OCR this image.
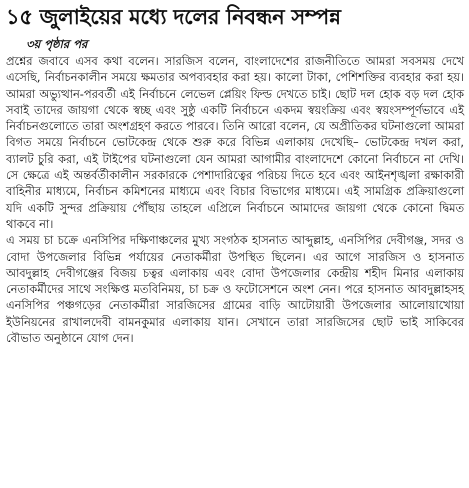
১৫ জুলাইয়ের মধ্যে দলের নিবন্ধন সম্পন্ন
৩য় পৃষ্ঠার পর

প্রশ্নের জবাবে এসব কথা বলেন। সারজিস বলেন, বাংলাদেশের রাজনীতিতে আমরা সবসময় দেখে এসেছি, নির্বাচনকালীন সময়ে ক্ষমতার অপব্যবহার করা হয়। কালো টাকা, পেশিশক্তির ব্যবহার করা হয়। আমরা অভ্যুত্থান-পরবর্তী এই নির্বাচনে লেভেল প্লেয়িং ফিল্ড দেখতে চাই। ছোট দল হোক বড় দল হোক সবাই তাদের জায়গা থেকে স্বচ্ছ এবং সুষ্ঠু একটি নির্বাচনে একদম স্বয়ংক্রিয় এবং স্বয়ংসম্পূর্ণভাবে এই নির্বাচনগুলোতে তারা অংশগ্রহণ করতে পারবে। তিনি আরো বলেন, যে অপ্রীতিকর ঘটনাগুলো আমরা বিগত সময়ে নির্বাচনে ভোটকেন্দ্র থেকে শুরু করে বিভিন্ন এলাকায় দেখেছি– ভোটকেন্দ্র দখল করা, ব্যালট চুরি করা, এই টাইপের ঘটনাগুলো যেন আমরা আগামীর বাংলাদেশে কোনো নির্বাচনে না দেখি। সে ক্ষেত্রে এই অন্তর্বর্তীকালীন সরকারকে পেশাদারিত্বের পরিচয় দিতে হবে এবং আইনশৃঙ্খলা রক্ষাকারী বাহিনীর মাধ্যমে, নির্বাচন কমিশনের মাধ্যমে এবং বিচার বিভাগের মাধ্যমে। এই সামগ্রিক প্রক্রিয়াগুলো যদি একটি সুন্দর প্রক্রিয়ায় পৌঁছায় তাহলে এপ্রিলে নির্বাচনে আমাদের জায়গা থেকে কোনো দ্বিমত থাকবে না।

এ সময় চা চক্রে এনসিপির দক্ষিণাঞ্চলের মুখ্য সংগঠক হাসনাত আব্দুল্লাহ, এনসিপির দেবীগঞ্জ, সদর ও বোদা উপজেলার বিভিন্ন পর্যায়ের নেতাকর্মীরা উপস্থিত ছিলেন। এর আগে সারজিস ও হাসনাত আবদুল্লাহ দেবীগঞ্জের বিজয় চত্বর এলাকায় এবং বোদা উপজেলার কেন্দ্রীয় শহীদ মিনার এলাকায় নেতাকর্মীদের সাথে সংক্ষিপ্ত মতবিনিময়, চা চক্র ও ফটোসেশনে অংশ নেন। পরে হাসনাত আবদুল্লাহসহ এনসিপির পঞ্চগড়ের নেতাকর্মীরা সারজিসের গ্রামের বাড়ি আটোয়ারী উপজেলার আলোয়াখোয়া ইউনিয়নের রাখালদেবী বামনকুমার এলাকায় যান। সেখানে তারা সারজিসের ছোট ভাই সাকিবের বৌভাত অনুষ্ঠানে যোগ দেন।
